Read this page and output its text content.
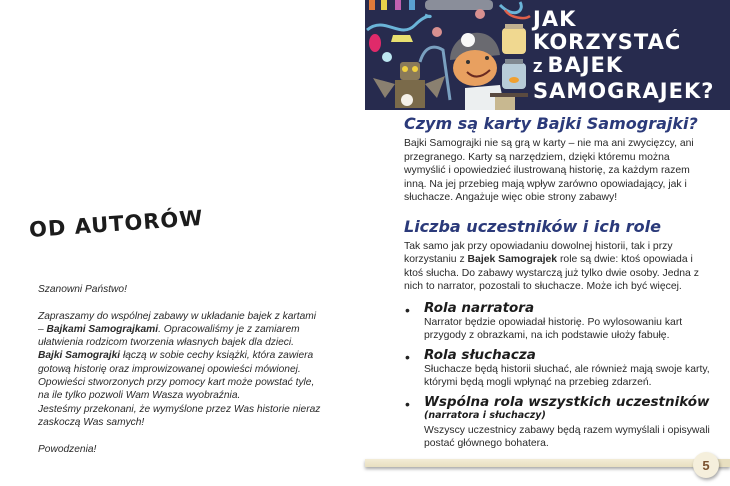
OD AUTORÓW

Szanowni Państwo!

Zapraszamy do wspólnej zabawy w układanie bajek z kartami – Bajkami Samograjkami. Opracowaliśmy je z zamiarem ułatwienia rodzicom tworzenia własnych bajek dla dzieci.

Bajki Samograjki łączą w sobie cechy książki, która zawiera gotową historię oraz improwizowanej opowieści mówionej. Opowieści stworzonych przy pomocy kart może powstać tyle, na ile tylko pozwoli Wam Wasza wyobraźnia.

Jesteśmy przekonani, że wymyślone przez Was historie nieraz zaskoczą Was samych!

Powodzenia!

JAK
KORZYSTAĆ
Z BAJEK
SAMOGRAJEK?
Czym są karty Bajki Samograjki?
Bajki Samograjki nie są grą w karty – nie ma ani zwycięzcy, ani przegranego. Karty są narzędziem, dzięki któremu można wymyślić i opowiedzieć ilustrowaną historię, za każdym razem inną. Na jej przebieg mają wpływ zarówno opowiadający, jak i słuchacze. Angażuje więc obie strony zabawy!
Liczba uczestników i ich role
Tak samo jak przy opowiadaniu dowolnej historii, tak i przy korzystaniu z Bajek Samograjek role są dwie: ktoś opowiada i ktoś słucha. Do zabawy wystarczą już tylko dwie osoby. Jedna z nich to narrator, pozostali to słuchacze. Może ich być więcej.
• Rola narratora
Narrator będzie opowiadał historię. Po wylosowaniu kart przygody z obrazkami, na ich podstawie ułoży fabułę.
• Rola słuchacza
Słuchacze będą historii słuchać, ale również mają swoje karty, którymi będą mogli wpłynąć na przebieg zdarzeń.
• Wspólna rola wszystkich uczestników
(narratora i słuchaczy)
Wszyscy uczestnicy zabawy będą razem wymyślali i opisywali postać głównego bohatera.
5
